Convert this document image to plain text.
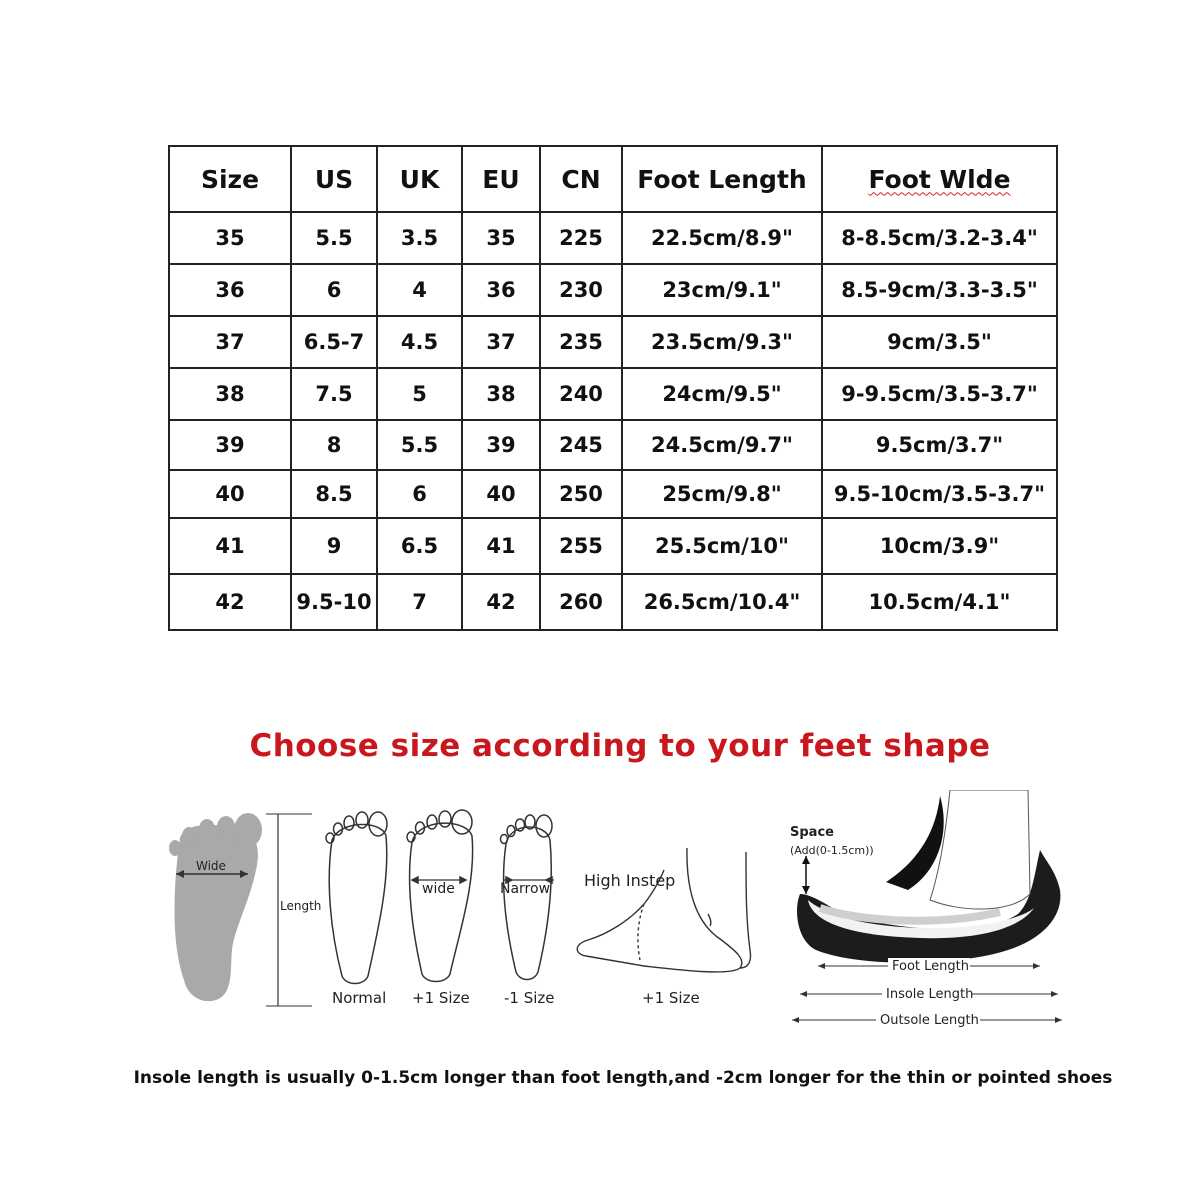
Size	US	UK	EU	CN	Foot Length	Foot Wlde
35	5.5	3.5	35	225	22.5cm/8.9"	8-8.5cm/3.2-3.4"
36	6	4	36	230	23cm/9.1"	8.5-9cm/3.3-3.5"
37	6.5-7	4.5	37	235	23.5cm/9.3"	9cm/3.5"
38	7.5	5	38	240	24cm/9.5"	9-9.5cm/3.5-3.7"
39	8	5.5	39	245	24.5cm/9.7"	9.5cm/3.7"
40	8.5	6	40	250	25cm/9.8"	9.5-10cm/3.5-3.7"
41	9	6.5	41	255	25.5cm/10"	10cm/3.9"
42	9.5-10	7	42	260	26.5cm/10.4"	10.5cm/4.1"
Choose size according to your feet shape
Wide
Length
Normal
wide
+1 Size
Narrow
-1 Size
High Instep
+1 Size
Space
(Add(0-1.5cm))
Foot Length
Insole Length
Outsole Length
Insole length is usually 0-1.5cm longer than foot length,and -2cm longer for the thin or pointed shoes
